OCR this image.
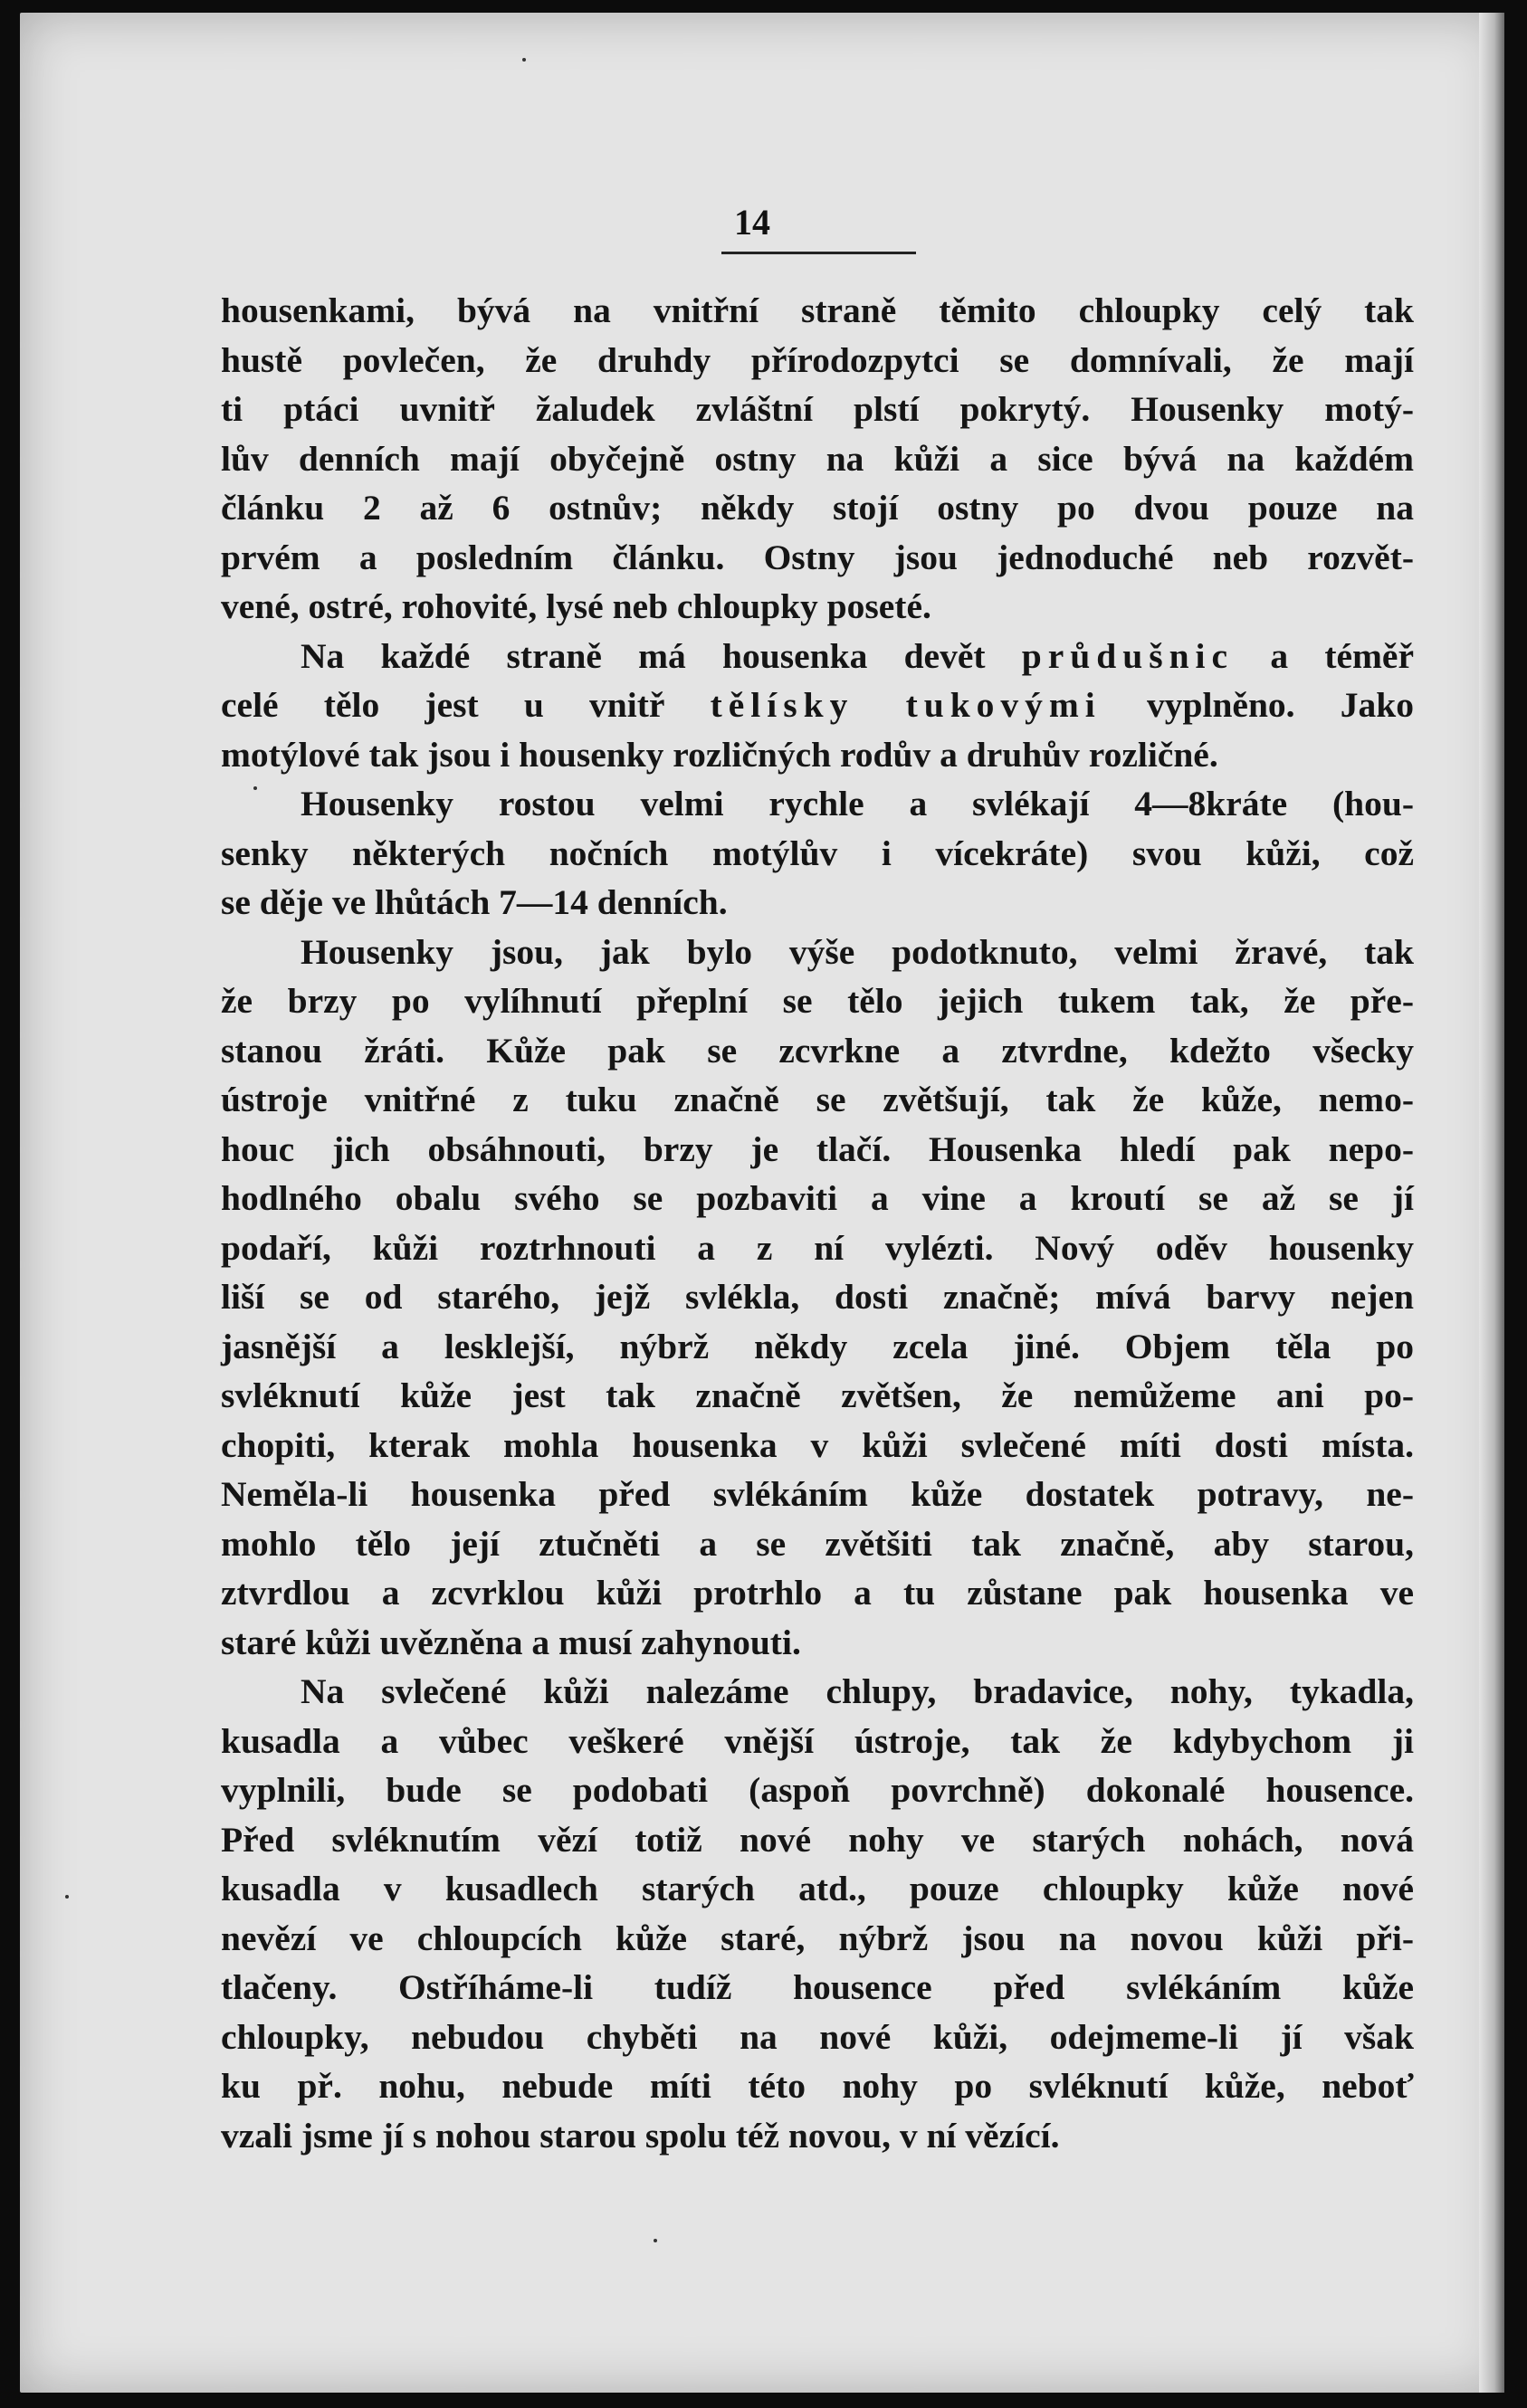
14
housenkami, bývá na vnitřní straně těmito chloupky celý tak
hustě povlečen, že druhdy přírodozpytci se domnívali, že mají
ti ptáci uvnitř žaludek zvláštní plstí pokrytý. Housenky motý-
lův denních mají obyčejně ostny na kůži a sice bývá na každém
článku 2 až 6 ostnův; někdy stojí ostny po dvou pouze na
prvém a posledním článku. Ostny jsou jednoduché neb rozvět-
vené, ostré, rohovité, lysé neb chloupky poseté.
Na každé straně má housenka devět průdušnic a téměř
celé tělo jest u vnitř tělísky tukovými vyplněno. Jako
motýlové tak jsou i housenky rozličných rodův a druhův rozličné.
Housenky rostou velmi rychle a svlékají 4—8kráte (hou-
senky některých nočních motýlův i vícekráte) svou kůži, což
se děje ve lhůtách 7—14 denních.
Housenky jsou, jak bylo výše podotknuto, velmi žravé, tak
že brzy po vylíhnutí přeplní se tělo jejich tukem tak, že pře-
stanou žráti. Kůže pak se zcvrkne a ztvrdne, kdežto všecky
ústroje vnitřné z tuku značně se zvětšují, tak že kůže, nemo-
houc jich obsáhnouti, brzy je tlačí. Housenka hledí pak nepo-
hodlného obalu svého se pozbaviti a vine a kroutí se až se jí
podaří, kůži roztrhnouti a z ní vylézti. Nový oděv housenky
liší se od starého, jejž svlékla, dosti značně; mívá barvy nejen
jasnější a lesklejší, nýbrž někdy zcela jiné. Objem těla po
svléknutí kůže jest tak značně zvětšen, že nemůžeme ani po-
chopiti, kterak mohla housenka v kůži svlečené míti dosti místa.
Neměla-li housenka před svlékáním kůže dostatek potravy, ne-
mohlo tělo její ztučněti a se zvětšiti tak značně, aby starou,
ztvrdlou a zcvrklou kůži protrhlo a tu zůstane pak housenka ve
staré kůži uvězněna a musí zahynouti.
Na svlečené kůži nalezáme chlupy, bradavice, nohy, tykadla,
kusadla a vůbec veškeré vnější ústroje, tak že kdybychom ji
vyplnili, bude se podobati (aspoň povrchně) dokonalé housence.
Před svléknutím vězí totiž nové nohy ve starých nohách, nová
kusadla v kusadlech starých atd., pouze chloupky kůže nové
nevězí ve chloupcích kůže staré, nýbrž jsou na novou kůži při-
tlačeny. Ostříháme-li tudíž housence před svlékáním kůže
chloupky, nebudou chyběti na nové kůži, odejmeme-li jí však
ku př. nohu, nebude míti této nohy po svléknutí kůže, neboť
vzali jsme jí s nohou starou spolu též novou, v ní vězící.
